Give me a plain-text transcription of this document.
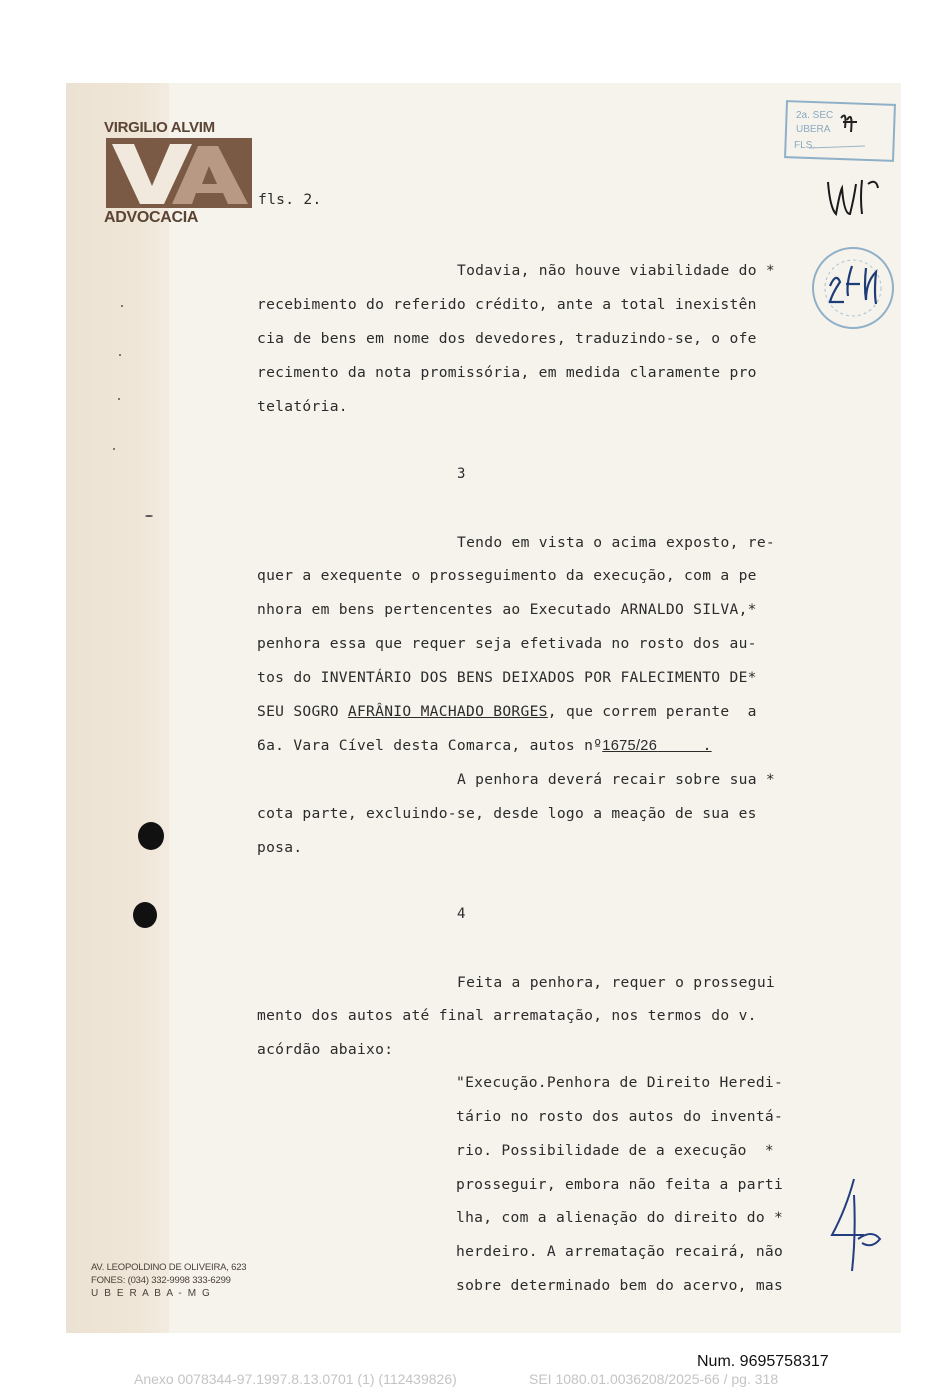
VIRGILIO ALVIM
ADVOCACIA
fls. 2.
2a. SEC
UBERA
FLS.
Todavia, não houve viabilidade do *
recebimento do referido crédito, ante a total inexistên
cia de bens em nome dos devedores, traduzindo-se, o ofe
recimento da nota promissória, em medida claramente pro
telatória.
3
Tendo em vista o acima exposto, re-
quer a exequente o prosseguimento da execução, com a pe
nhora em bens pertencentes ao Executado ARNALDO SILVA,*
penhora essa que requer seja efetivada no rosto dos au-
tos do INVENTÁRIO DOS BENS DEIXADOS POR FALECIMENTO DE*
SEU SOGRO AFRÂNIO MACHADO BORGES, que correm perante  a
6a. Vara Cível desta Comarca, autos nº1675/26     .
A penhora deverá recair sobre sua *
cota parte, excluindo-se, desde logo a meação de sua es
posa.
4
Feita a penhora, requer o prossegui
mento dos autos até final arrematação, nos termos do v.
acórdão abaixo:
"Execução.Penhora de Direito Heredi-
tário no rosto dos autos do inventá-
rio. Possibilidade de a execução  *
prosseguir, embora não feita a parti
lha, com a alienação do direito do *
herdeiro. A arrematação recairá, não
sobre determinado bem do acervo, mas
AV. LEOPOLDINO DE OLIVEIRA, 623
FONES: (034) 332-9998 333-6299
U B E R A B A - M G
Num. 9695758317
Anexo 0078344-97.1997.8.13.0701 (1) (112439826)	SEI 1080.01.0036208/2025-66 / pg. 318
